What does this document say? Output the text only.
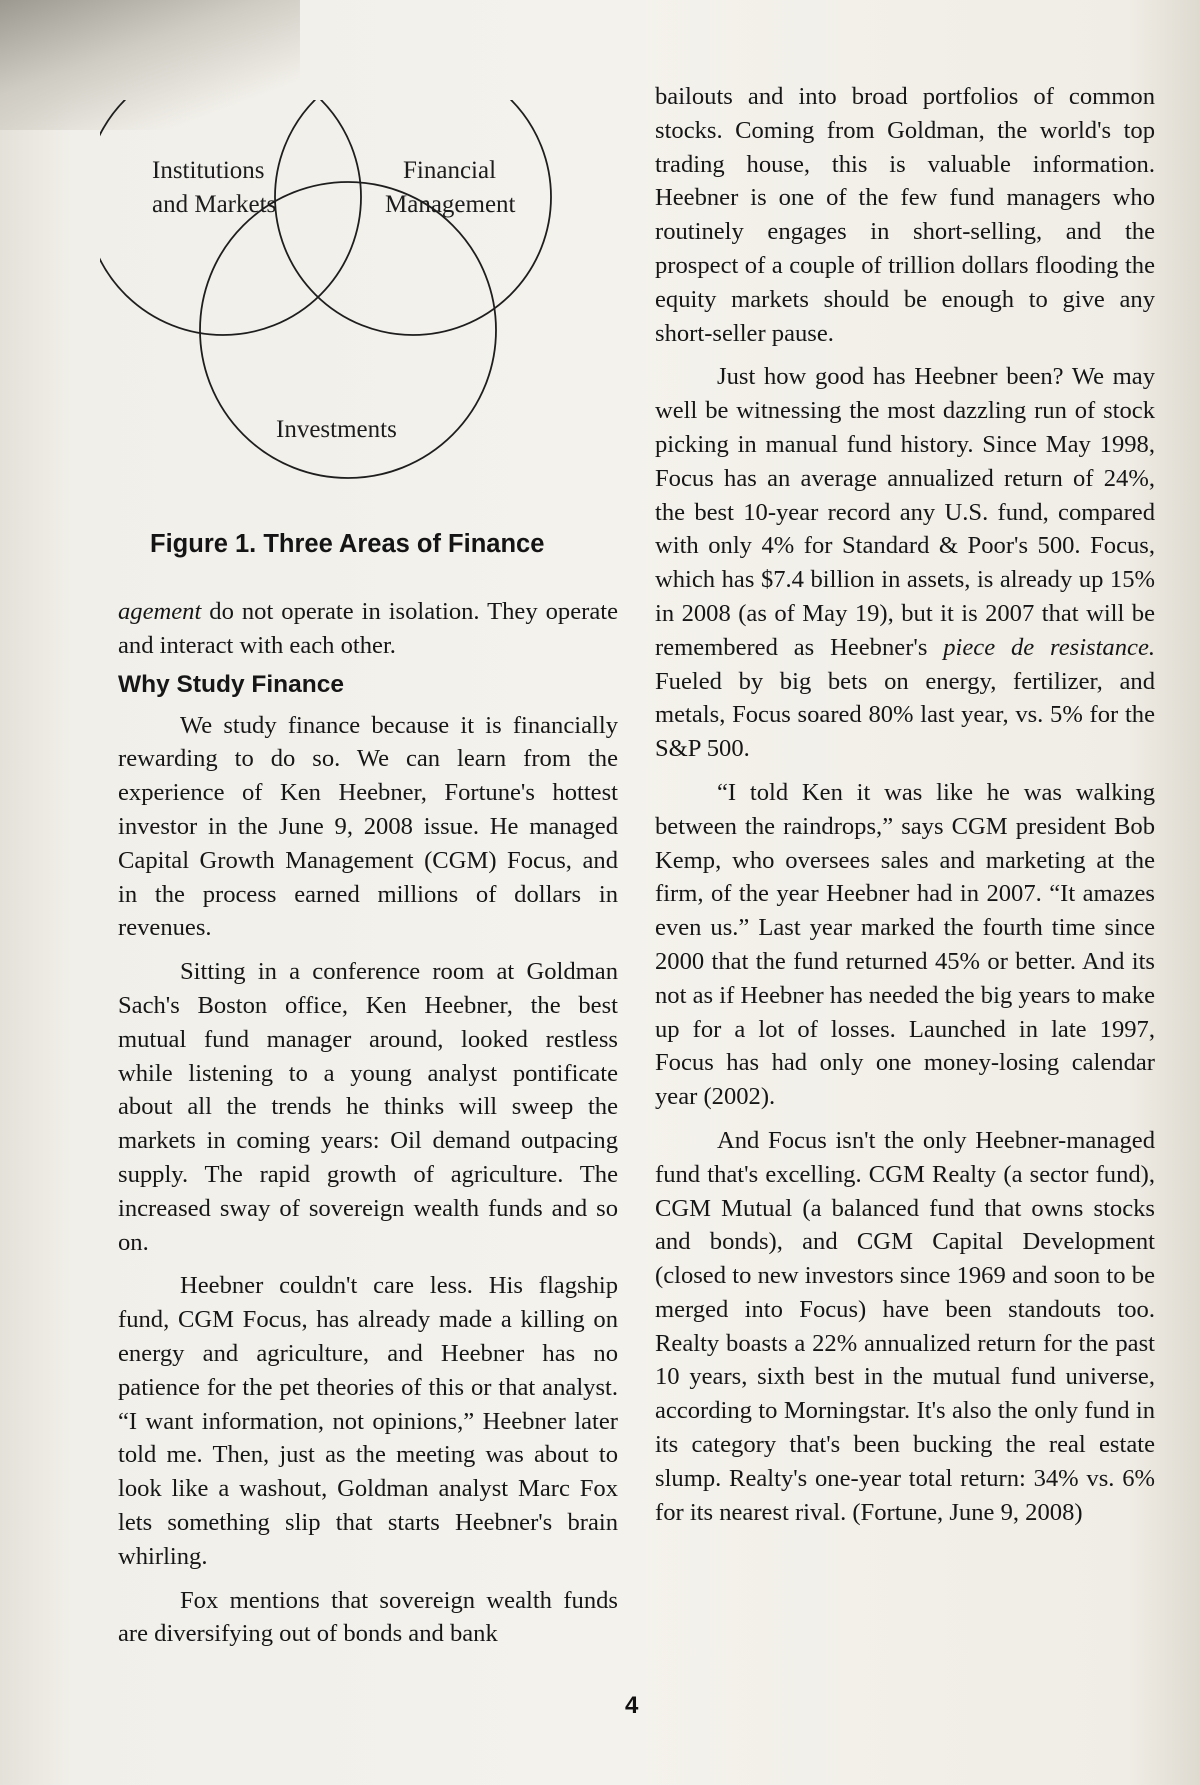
Institutions
and Markets
Financial
Management
Investments
Figure 1. Three Areas of Finance

agement do not operate in isolation. They operate and interact with each other.

Why Study Finance

We study finance because it is financially rewarding to do so. We can learn from the experience of Ken Heebner, Fortune's hottest investor in the June 9, 2008 issue. He managed Capital Growth Management (CGM) Focus, and in the process earned millions of dollars in revenues.

Sitting in a conference room at Goldman Sach's Boston office, Ken Heebner, the best mutual fund manager around, looked restless while listening to a young analyst pontificate about all the trends he thinks will sweep the markets in coming years: Oil demand outpacing supply. The rapid growth of agriculture. The increased sway of sovereign wealth funds and so on.

Heebner couldn't care less. His flagship fund, CGM Focus, has already made a killing on energy and agriculture, and Heebner has no patience for the pet theories of this or that analyst. “I want information, not opinions,” Heebner later told me. Then, just as the meeting was about to look like a washout, Goldman analyst Marc Fox lets something slip that starts Heebner's brain whirling.

Fox mentions that sovereign wealth funds are diversifying out of bonds and bank

bailouts and into broad portfolios of common stocks. Coming from Goldman, the world's top trading house, this is valuable information. Heebner is one of the few fund managers who routinely engages in short-selling, and the prospect of a couple of trillion dollars flooding the equity markets should be enough to give any short-seller pause.

Just how good has Heebner been? We may well be witnessing the most dazzling run of stock picking in manual fund history. Since May 1998, Focus has an average annualized return of 24%, the best 10-year record any U.S. fund, compared with only 4% for Standard & Poor's 500. Focus, which has $7.4 billion in assets, is already up 15% in 2008 (as of May 19), but it is 2007 that will be remembered as Heebner's piece de resistance. Fueled by big bets on energy, fertilizer, and metals, Focus soared 80% last year, vs. 5% for the S&P 500.

“I told Ken it was like he was walking between the raindrops,” says CGM president Bob Kemp, who oversees sales and marketing at the firm, of the year Heebner had in 2007. “It amazes even us.” Last year marked the fourth time since 2000 that the fund returned 45% or better. And its not as if Heebner has needed the big years to make up for a lot of losses. Launched in late 1997, Focus has had only one money-losing calendar year (2002).

And Focus isn't the only Heebner-managed fund that's excelling. CGM Realty (a sector fund), CGM Mutual (a balanced fund that owns stocks and bonds), and CGM Capital Development (closed to new investors since 1969 and soon to be merged into Focus) have been standouts too. Realty boasts a 22% annualized return for the past 10 years, sixth best in the mutual fund universe, according to Morningstar. It's also the only fund in its category that's been bucking the real estate slump. Realty's one-year total return: 34% vs. 6% for its nearest rival. (Fortune, June 9, 2008)

4
